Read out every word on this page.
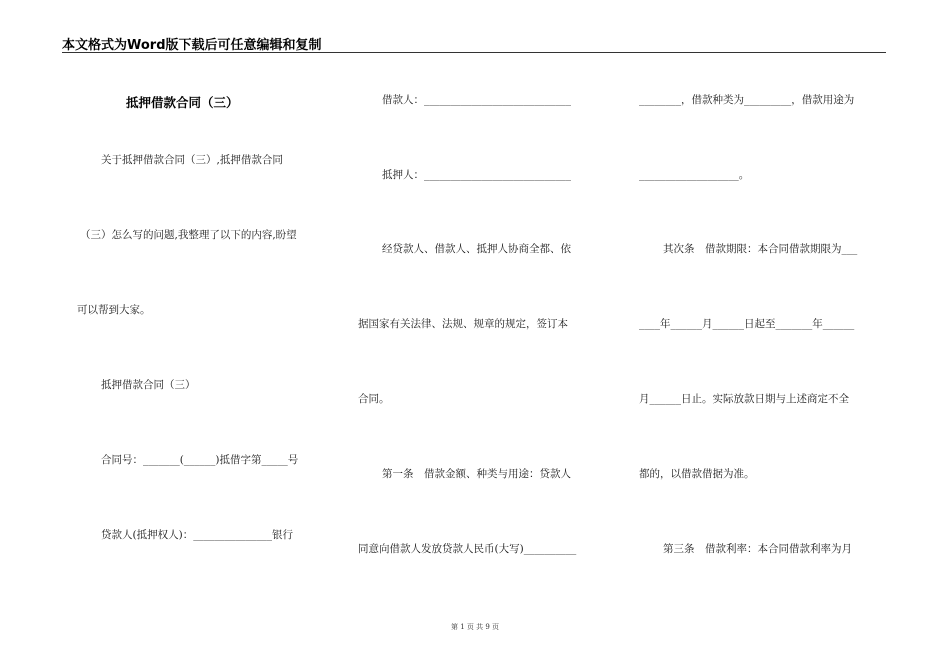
本文格式为Word版下载后可任意编辑和复制
抵押借款合同（三）
关于抵押借款合同（三）,抵押借款合同
（三）怎么写的问题,我整理了以下的内容,盼望
可以帮到大家。
抵押借款合同（三）
合同号：_______(______)抵借字第_____号
贷款人(抵押权人)：_______________银行
借款人：____________________________
抵押人：____________________________
经贷款人、借款人、抵押人协商全都、依
据国家有关法律、法规、规章的规定，签订本
合同。
第一条　借款金额、种类与用途：贷款人
同意向借款人发放贷款人民币(大写)__________
________，借款种类为_________，借款用途为
___________________。
其次条　借款期限：本合同借款期限为___
____年______月______日起至_______年______
月______日止。实际放款日期与上述商定不全
都的，以借款借据为准。
第三条　借款利率：本合同借款利率为月
第 1 页 共 9 页
